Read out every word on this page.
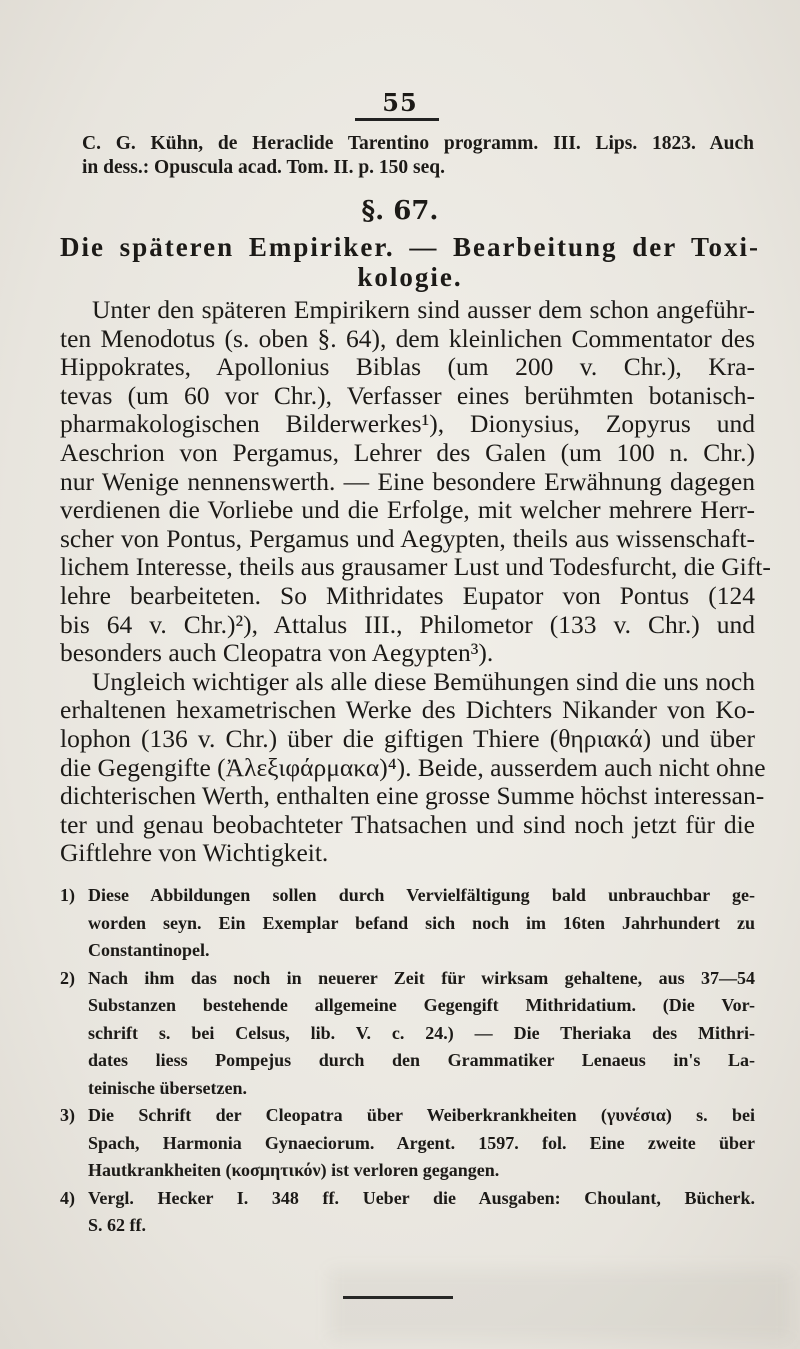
55
C. G. Kühn, de Heraclide Tarentino programm. III. Lips. 1823. Auch
in dess.: Opuscula acad. Tom. II. p. 150 seq.
§. 67.
Die späteren Empiriker. — Bearbeitung der Toxi-
kologie.
Unter den späteren Empirikern sind ausser dem schon angeführ-
ten Menodotus (s. oben §. 64), dem kleinlichen Commentator des
Hippokrates, Apollonius Biblas (um 200 v. Chr.), Kra-
tevas (um 60 vor Chr.), Verfasser eines berühmten botanisch-
pharmakologischen Bilderwerkes¹), Dionysius, Zopyrus und
Aeschrion von Pergamus, Lehrer des Galen (um 100 n. Chr.)
nur Wenige nennenswerth. — Eine besondere Erwähnung dagegen
verdienen die Vorliebe und die Erfolge, mit welcher mehrere Herr-
scher von Pontus, Pergamus und Aegypten, theils aus wissenschaft-
lichem Interesse, theils aus grausamer Lust und Todesfurcht, die Gift-
lehre bearbeiteten. So Mithridates Eupator von Pontus (124
bis 64 v. Chr.)²), Attalus III., Philometor (133 v. Chr.) und
besonders auch Cleopatra von Aegypten³).
Ungleich wichtiger als alle diese Bemühungen sind die uns noch
erhaltenen hexametrischen Werke des Dichters Nikander von Ko-
lophon (136 v. Chr.) über die giftigen Thiere (θηριακά) und über
die Gegengifte (Ἀλεξιφάρμακα)⁴). Beide, ausserdem auch nicht ohne
dichterischen Werth, enthalten eine grosse Summe höchst interessan-
ter und genau beobachteter Thatsachen und sind noch jetzt für die
Giftlehre von Wichtigkeit.
1) Diese Abbildungen sollen durch Vervielfältigung bald unbrauchbar ge-
worden seyn. Ein Exemplar befand sich noch im 16ten Jahrhundert zu
Constantinopel.
2) Nach ihm das noch in neuerer Zeit für wirksam gehaltene, aus 37—54
Substanzen bestehende allgemeine Gegengift Mithridatium. (Die Vor-
schrift s. bei Celsus, lib. V. c. 24.) — Die Theriaka des Mithri-
dates liess Pompejus durch den Grammatiker Lenaeus in's La-
teinische übersetzen.
3) Die Schrift der Cleopatra über Weiberkrankheiten (γυνέσια) s. bei
Spach, Harmonia Gynaeciorum. Argent. 1597. fol. Eine zweite über
Hautkrankheiten (κοσμητικόν) ist verloren gegangen.
4) Vergl. Hecker I. 348 ff. Ueber die Ausgaben: Choulant, Bücherk.
S. 62 ff.
